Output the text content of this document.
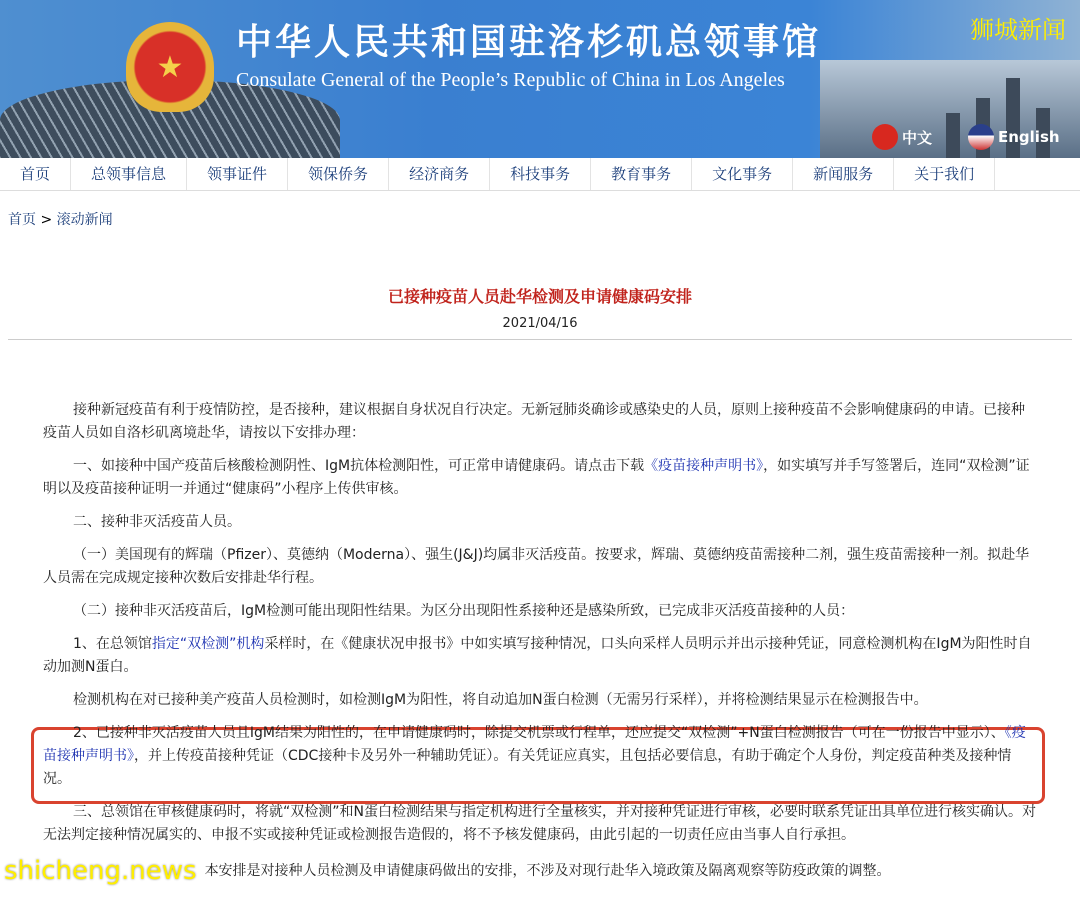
★
中华人民共和国驻洛杉矶总领事馆
Consulate General of the People’s Republic of China in Los Angeles
狮城新闻
中文	English
首页	总领事信息	领事证件	领保侨务	经济商务	科技事务	教育事务	文化事务	新闻服务	关于我们
首页 > 滚动新闻
已接种疫苗人员赴华检测及申请健康码安排
2021/04/16

接种新冠疫苗有利于疫情防控，是否接种，建议根据自身状况自行决定。无新冠肺炎确诊或感染史的人员，原则上接种疫苗不会影响健康码的申请。已接种疫苗人员如自洛杉矶离境赴华，请按以下安排办理：

一、如接种中国产疫苗后核酸检测阴性、IgM抗体检测阳性，可正常申请健康码。请点击下载《疫苗接种声明书》，如实填写并手写签署后，连同“双检测”证明以及疫苗接种证明一并通过“健康码”小程序上传供审核。

二、接种非灭活疫苗人员。

（一）美国现有的辉瑞（Pfizer）、莫德纳（Moderna）、强生(J&J)均属非灭活疫苗。按要求，辉瑞、莫德纳疫苗需接种二剂，强生疫苗需接种一剂。拟赴华人员需在完成规定接种次数后安排赴华行程。

（二）接种非灭活疫苗后，IgM检测可能出现阳性结果。为区分出现阳性系接种还是感染所致，已完成非灭活疫苗接种的人员：

1、在总领馆指定“双检测”机构采样时，在《健康状况申报书》中如实填写接种情况，口头向采样人员明示并出示接种凭证，同意检测机构在IgM为阳性时自动加测N蛋白。

检测机构在对已接种美产疫苗人员检测时，如检测IgM为阳性，将自动追加N蛋白检测（无需另行采样），并将检测结果显示在检测报告中。

2、已接种非灭活疫苗人员且IgM结果为阳性的，在申请健康码时，除提交机票或行程单，还应提交“双检测”+N蛋白检测报告（可在一份报告中显示）、《疫苗接种声明书》，并上传疫苗接种凭证（CDC接种卡及另外一种辅助凭证）。有关凭证应真实，且包括必要信息，有助于确定个人身份，判定疫苗种类及接种情况。

三、总领馆在审核健康码时，将就“双检测”和N蛋白检测结果与指定机构进行全量核实，并对接种凭证进行审核，必要时联系凭证出具单位进行核实确认。对无法判定接种情况属实的、申报不实或接种凭证或检测报告造假的，将不予核发健康码，由此引起的一切责任应由当事人自行承担。

shicheng.news 本安排是对接种人员检测及申请健康码做出的安排，不涉及对现行赴华入境政策及隔离观察等防疫政策的调整。
